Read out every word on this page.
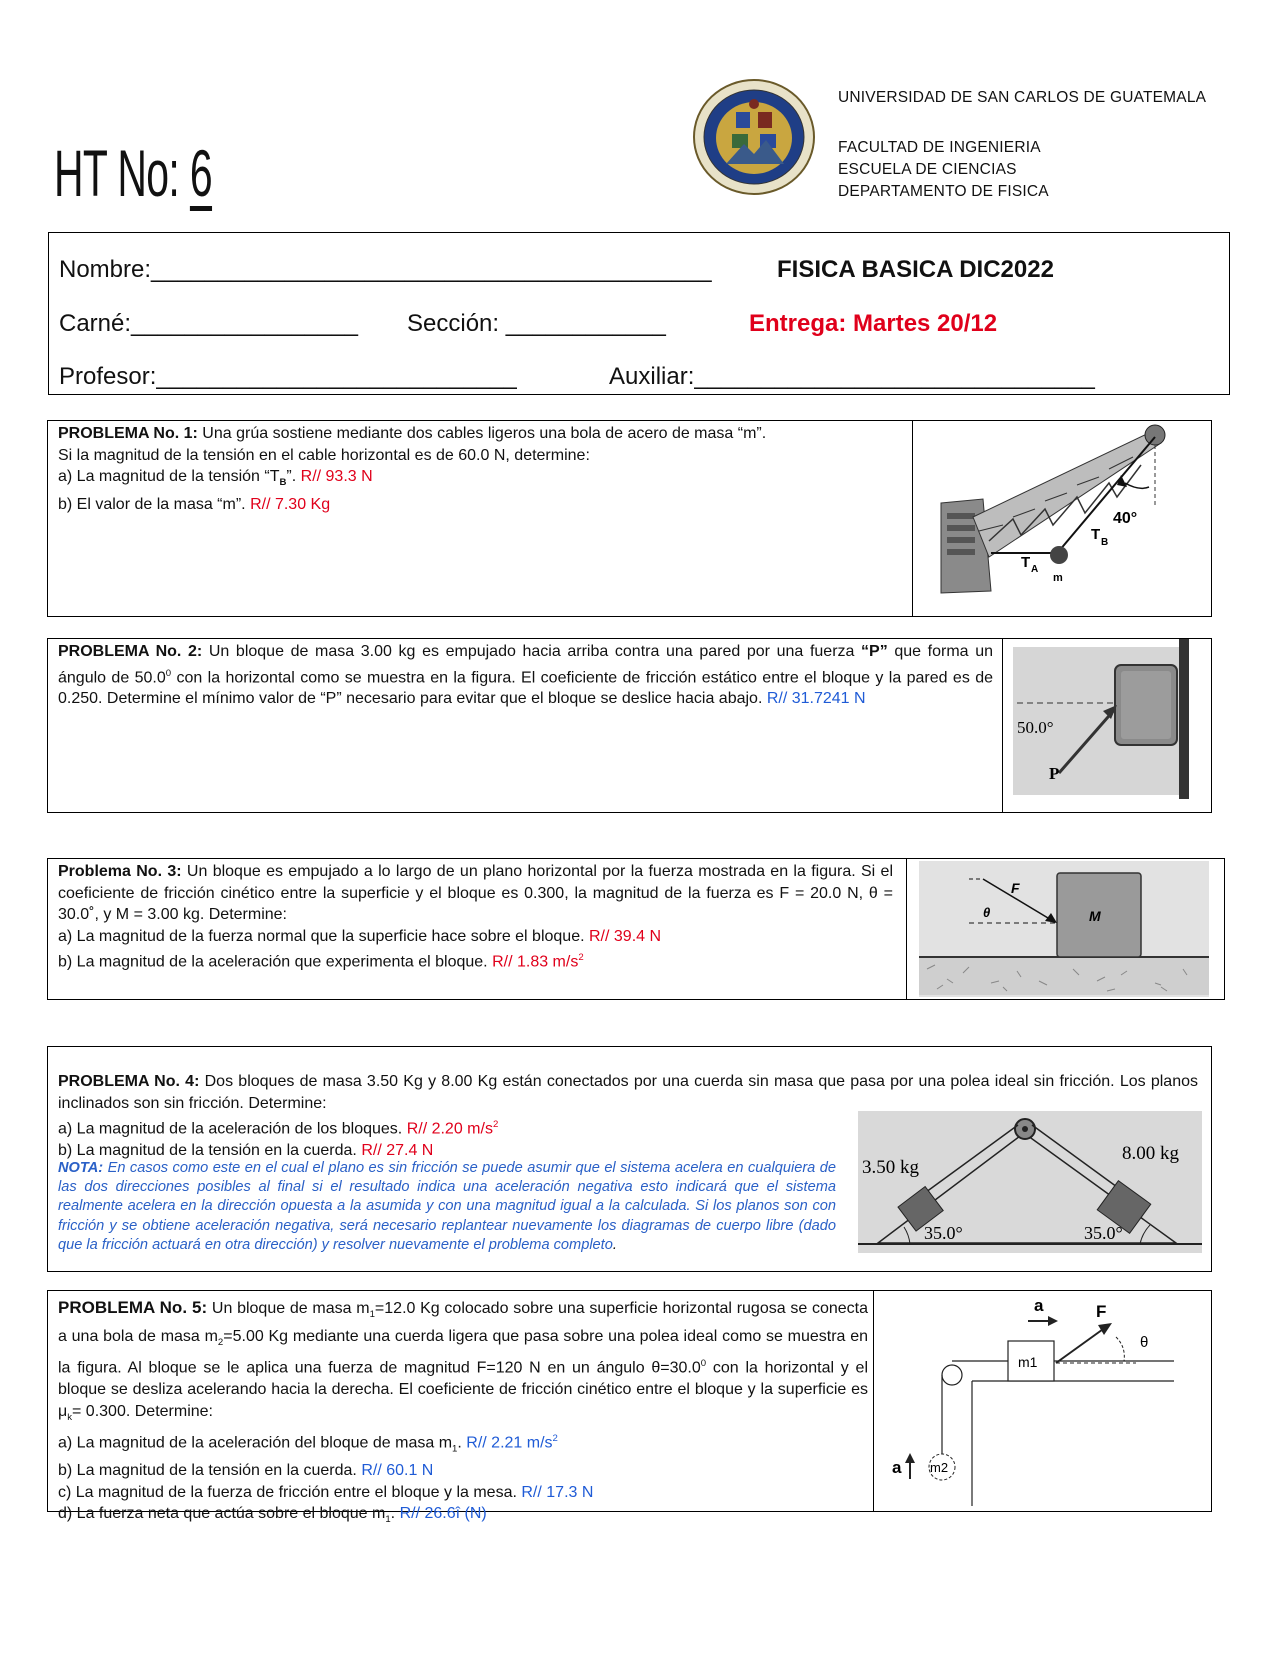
HT No: 6
UNIVERSIDAD DE SAN CARLOS DE GUATEMALA
FACULTAD DE INGENIERIA
ESCUELA DE CIENCIAS
DEPARTAMENTO DE FISICA
Nombre:__________________________________________	FISICA BASICA DIC2022
Carné:_________________ Sección: ____________	Entrega: Martes 20/12
Profesor:___________________________	Auxiliar:______________________________
PROBLEMA No. 1: Una grúa sostiene mediante dos cables ligeros una bola de acero de masa “m”.
Si la magnitud de la tensión en el cable horizontal es de 60.0 N, determine:
a) La magnitud de la tensión “$T_B$”. R// 93.3 N
b) El valor de la masa “m”. R// 7.30 Kg
40°
T B
T A
m
PROBLEMA No. 2: Un bloque de masa 3.00 kg es empujado hacia arriba contra una pared por una fuerza “P” que forma un ángulo de 50.0$^0$ con la horizontal como se muestra en la figura. El coeficiente de fricción estático entre el bloque y la pared es de 0.250. Determine el mínimo valor de “P” necesario para evitar que el bloque se deslice hacia abajo. R// 31.7241 N
50.0°
P
Problema No. 3: Un bloque es empujado a lo largo de un plano horizontal por la fuerza mostrada en la figura. Si el coeficiente de fricción cinético entre la superficie y el bloque es 0.300, la magnitud de la fuerza es F = 20.0 N, θ = 30.0˚, y M = 3.00 kg. Determine:
a) La magnitud de la fuerza normal que la superficie hace sobre el bloque. R// 39.4 N
b) La magnitud de la aceleración que experimenta el bloque. R// 1.83 $m/s^2$
M
F
θ
PROBLEMA No. 4: Dos bloques de masa 3.50 Kg y 8.00 Kg están conectados por una cuerda sin masa que pasa por una polea ideal sin fricción. Los planos inclinados son sin fricción. Determine:
a) La magnitud de la aceleración de los bloques. R// 2.20 $m/s^2$
b) La magnitud de la tensión en la cuerda. R// 27.4 N
NOTA: En casos como este en el cual el plano es sin fricción se puede asumir que el sistema acelera en cualquiera de las dos direcciones posibles al final si el resultado indica una aceleración negativa esto indicará que el sistema realmente acelera en la dirección opuesta a la asumida y con una magnitud igual a la calculada. Si los planos son con fricción y se obtiene aceleración negativa, será necesario replantear nuevamente los diagramas de cuerpo libre (dado que la fricción actuará en otra dirección) y resolver nuevamente el problema completo.
3.50 kg
8.00 kg
35.0°	35.0°
PROBLEMA No. 5: Un bloque de masa $m_1=12.0$ Kg colocado sobre una superficie horizontal rugosa se conecta a una bola de masa $m_2=5.00$ Kg mediante una cuerda ligera que pasa sobre una polea ideal como se muestra en la figura. Al bloque se le aplica una fuerza de magnitud F=120 N en un ángulo $\theta=30.0^0$ con la horizontal y el bloque se desliza acelerando hacia la derecha. El coeficiente de fricción cinético entre el bloque y la superficie es $\mu_k= 0.300$. Determine:
a) La magnitud de la aceleración del bloque de masa $m_1$. R// 2.21 $m/s^2$
b) La magnitud de la tensión en la cuerda. R// 60.1 N
c) La magnitud de la fuerza de fricción entre el bloque y la mesa. R// 17.3 N
d) La fuerza neta que actúa sobre el bloque $m_1$. R// 26.6î (N)
m1
m2
θ
F
a
a
